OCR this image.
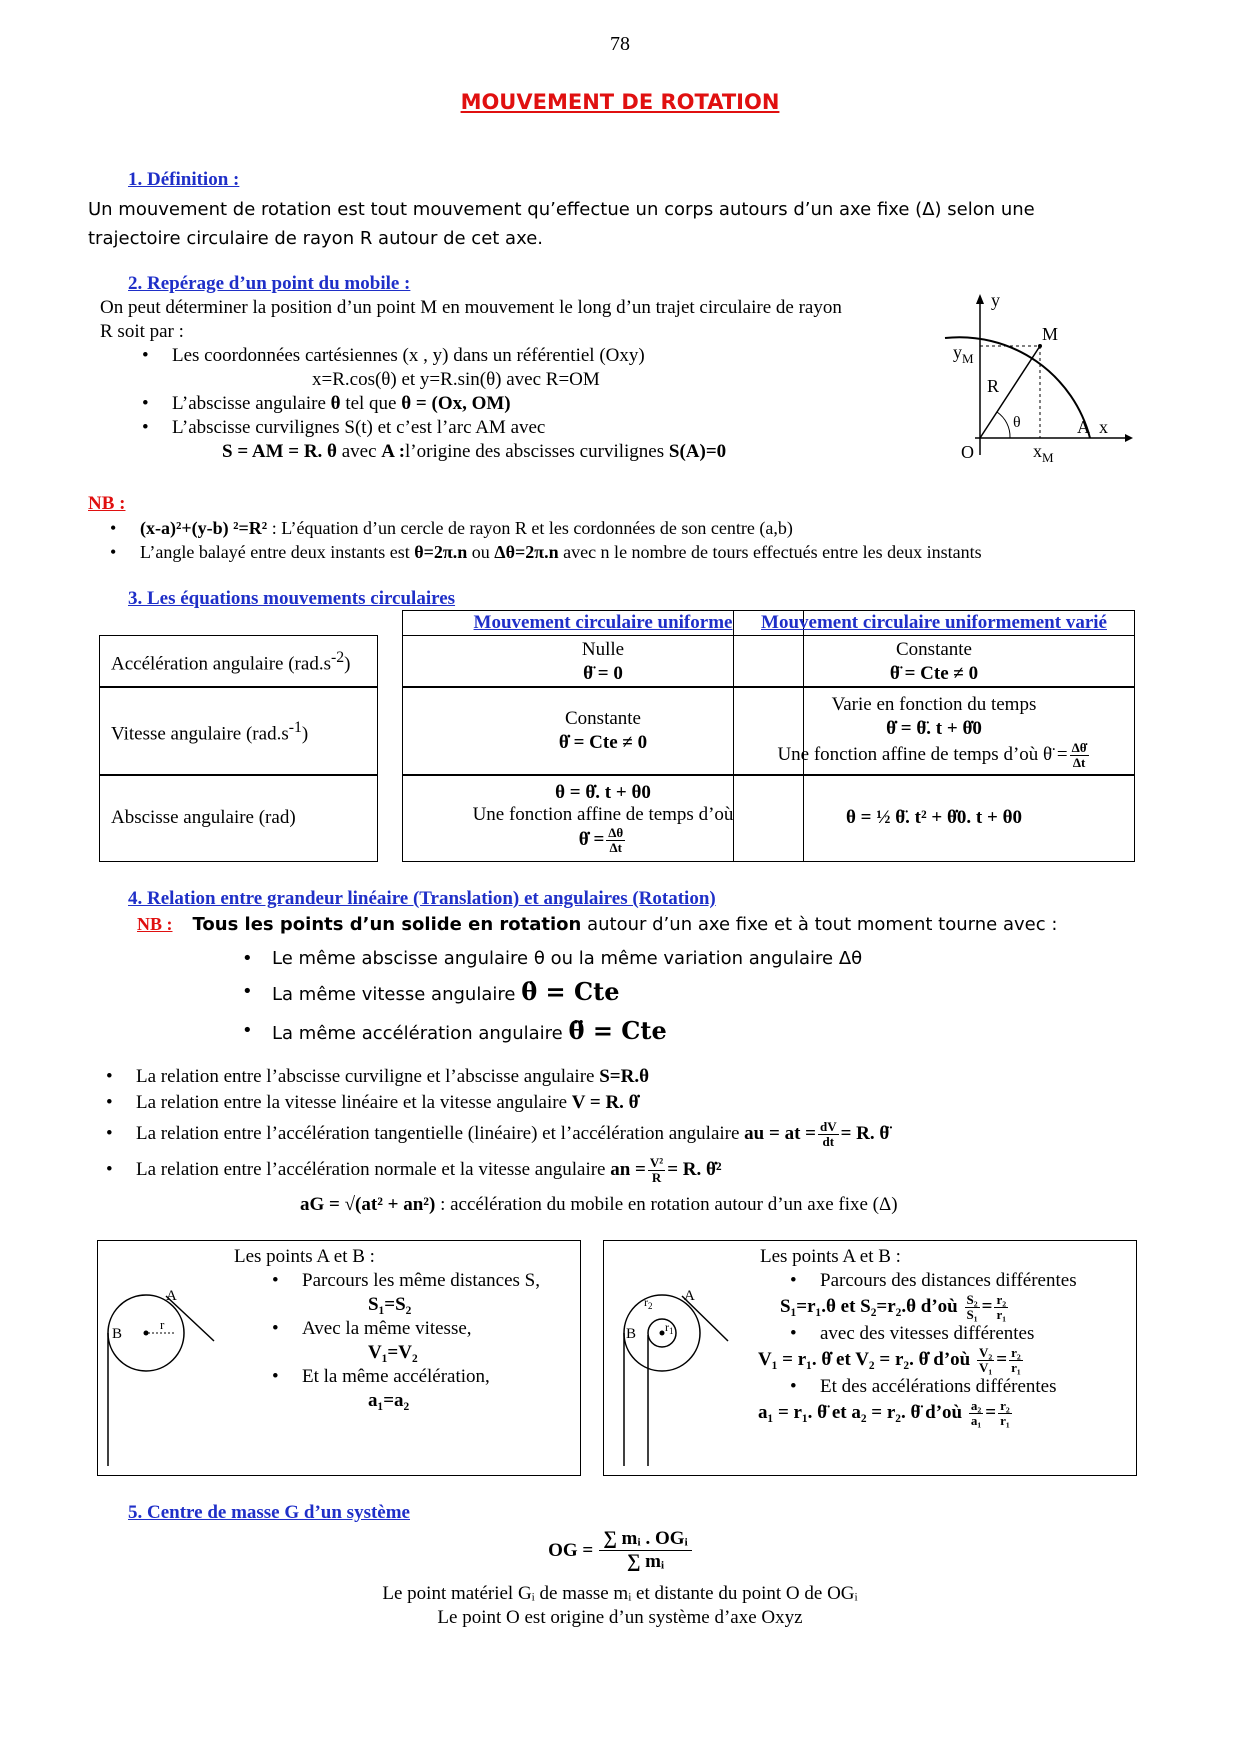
78
MOUVEMENT DE ROTATION
1. Définition :
Un mouvement de rotation est tout mouvement qu’effectue un corps autours d’un axe fixe (Δ) selon une
trajectoire circulaire de rayon R autour de cet axe.
2. Repérage d’un point du mobile :
On peut déterminer la position d’un point M en mouvement le long d’un trajet circulaire de rayon
R soit par :
• Les coordonnées cartésiennes (x , y) dans un référentiel (Oxy)
x=R.cos(θ) et y=R.sin(θ) avec R=OM
• L’abscisse angulaire θ tel que θ = (Ox, OM)
• L’abscisse curvilignes S(t) et c’est l’arc AM avec
S = AM = R. θ avec A :l’origine des abscisses curvilignes S(A)=0
y
$y_M$
M
R
θ
O	$x_M$
A x
NB :
• (x-a)²+(y-b) ²=R² : L’équation d’un cercle de rayon R et les cordonnées de son centre (a,b)
• L’angle balayé entre deux instants est θ=2π.n ou Δθ=2π.n avec n le nombre de tours effectués entre les deux instants
3. Les équations mouvements circulaires
Mouvement circulaire uniforme	Mouvement circulaire uniformement varié
Accélération angulaire $(rad.s^{-2})$
Vitesse angulaire $(rad.s^{-1})$
Abscisse angulaire (rad)
Nulle
θ̈ = 0
Constante
θ̇ = Cte ≠ 0
θ = θ̇. t + θ0
Une fonction affine de temps d’où
θ̇ = $\frac{\Delta\theta}{\Delta t}$
Constante
θ̈ = Cte ≠ 0
Varie en fonction du temps
θ̇ = θ̈. t + θ̇0
Une fonction affine de temps d’où θ̈ = $\frac{\Delta\thetȧ}{\Delta t}$
θ = ½ θ̈. t² + θ̇0. t + θ0
4. Relation entre grandeur linéaire (Translation) et angulaires (Rotation)
NB : Tous les points d’un solide en rotation autour d’un axe fixe et à tout moment tourne avec :
• Le même abscisse angulaire θ ou la même variation angulaire Δθ
• La même vitesse angulaire θ̇ = Cte
• La même accélération angulaire θ̈ = Cte
• La relation entre l’abscisse curviligne et l’abscisse angulaire S=R.θ
• La relation entre la vitesse linéaire et la vitesse angulaire V = R. θ̇
• La relation entre l’accélération tangentielle (linéaire) et l’accélération angulaire au = at = $\frac{dV}{dt} = R$. θ̈
• La relation entre l’accélération normale et la vitesse angulaire an = $\frac{\text{V²}}{R} = R$. θ̇²
aG = √(at² + an²) : accélération du mobile en rotation autour d’un axe fixe (Δ)
A
B
r
Les points A et B :
• Parcours les même distances S,
S₁=S₂
• Avec la même vitesse,
V₁=V₂
• Et la même accélération,
a₁=a₂
A
B
$r_2$
$r_1$
Les points A et B :
• Parcours des distances différentes
S₁=r₁.θ et S₂=r₂.θ d’où $\frac{\text{S₂}}{\text{S₁}} = \frac{\text{r₂}}{\text{r₁}}$
• avec des vitesses différentes
V₁ = r₁. θ̇ et V₂ = r₂. θ̇ d’où $\frac{\text{V₂}}{\text{V₁}} = \frac{\text{r₂}}{\text{r₁}}$
• Et des accélérations différentes
a₁ = r₁. θ̈ et a₂ = r₂. θ̈ d’où $\frac{\text{a₂}}{\text{a₁}} = \frac{\text{r₂}}{\text{r₁}}$
5. Centre de masse G d’un système
OG =
∑ mᵢ . OGᵢ
∑ mᵢ
Le point matériel Gᵢ de masse mᵢ et distante du point O de OGᵢ
Le point O est origine d’un système d’axe Oxyz
